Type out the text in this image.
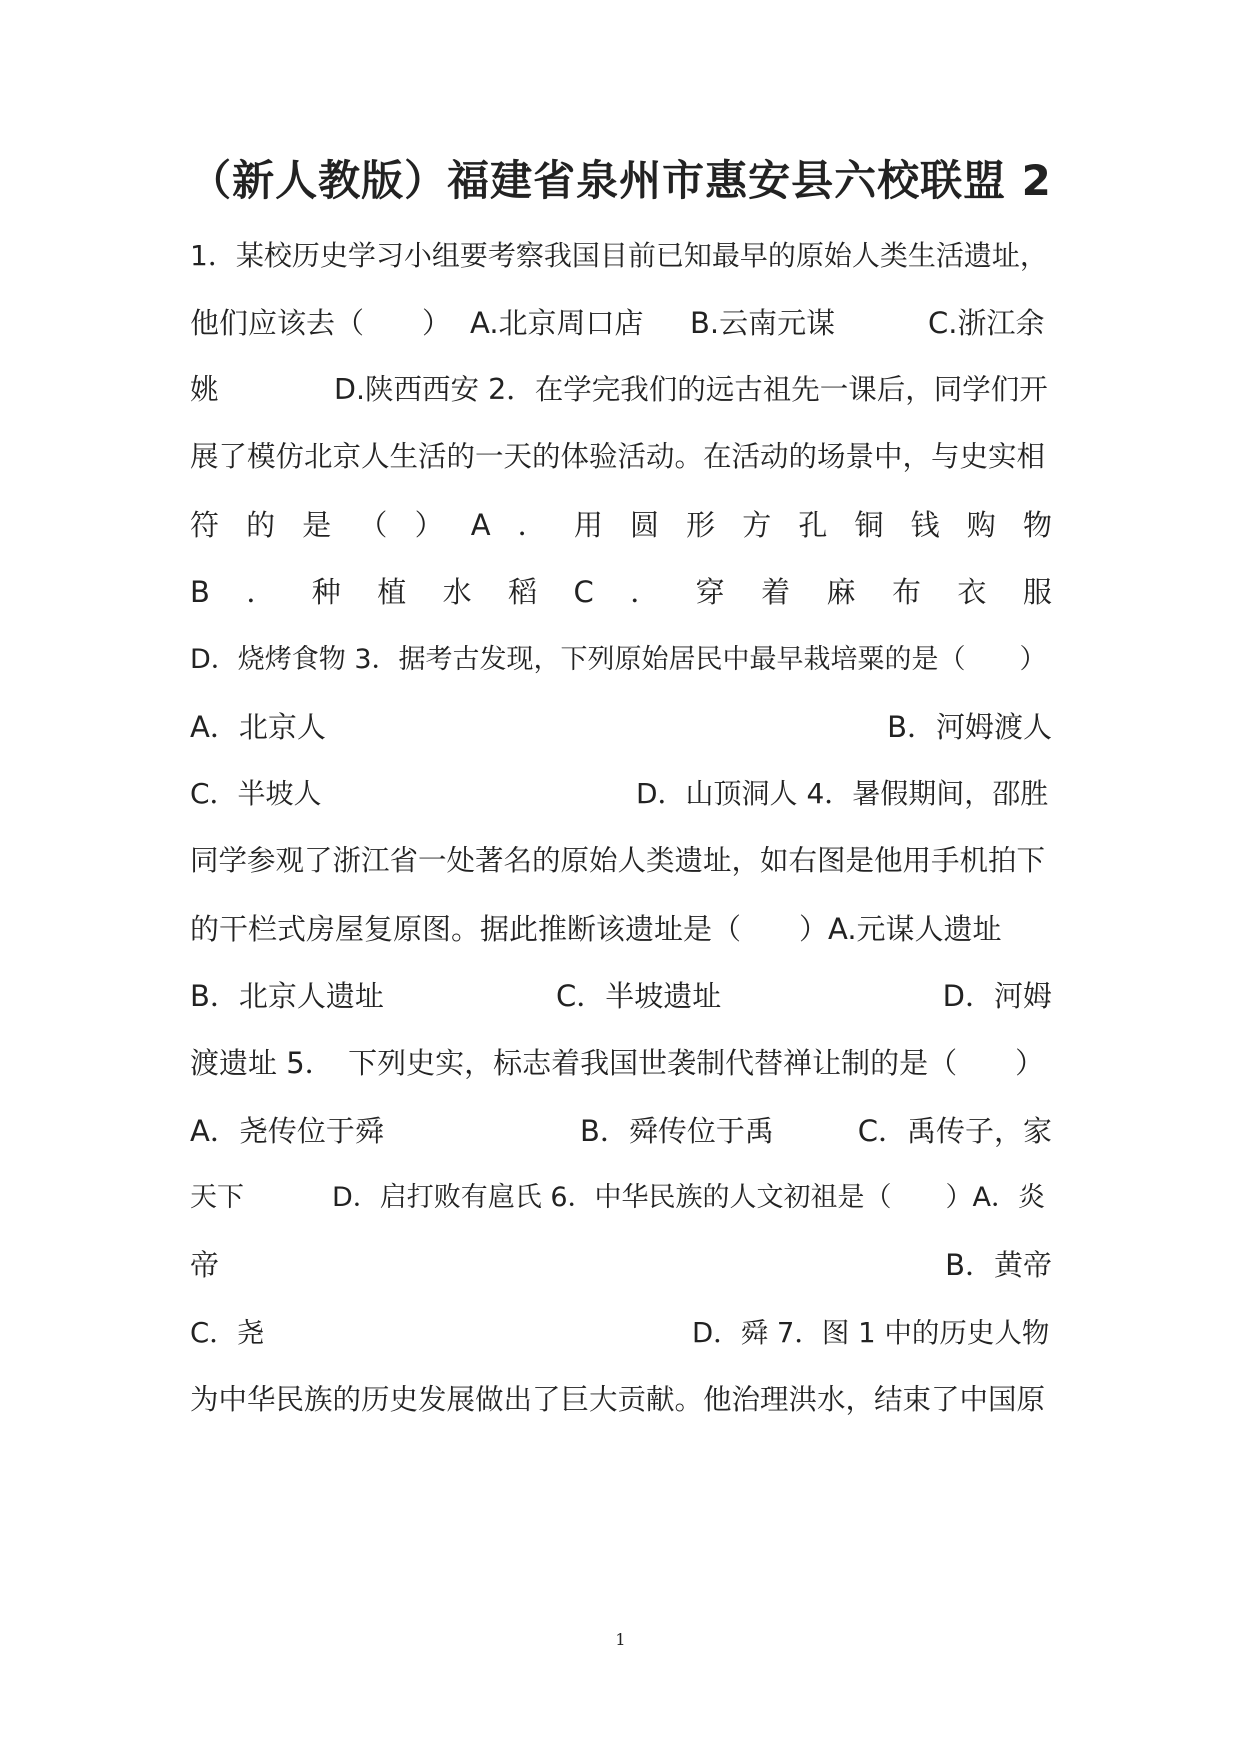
（新人教版）福建省泉州市惠安县六校联盟 2
1．某校历史学习小组要考察我国目前已知最早的原始人类生活遗址，
他们应该去（　　） A.北京周口店 B.云南元谋	C.浙江余
姚	D.陕西西安 2．在学完我们的远古祖先一课后，同学们开
展了模仿北京人生活的一天的体验活动。在活动的场景中，与史实相
符 的 是 （ ） A ． 用 圆 形 方 孔 铜 钱 购 物
B ． 种 植 水 稻 C ． 穿 着 麻 布 衣 服
D．烧烤食物 3．据考古发现，下列原始居民中最早栽培粟的是（　　）
A．北京人	B．河姆渡人
C．半坡人	D．山顶洞人 4．暑假期间，邵胜
同学参观了浙江省一处著名的原始人类遗址，如右图是他用手机拍下
的干栏式房屋复原图。据此推断该遗址是（　　）A.元谋人遗址
B．北京人遗址	C．半坡遗址	D．河姆
渡遗址 5．　下列史实，标志着我国世袭制代替禅让制的是（　　）
A．尧传位于舜	B．舜传位于禹	C．禹传子，家
天下	D．启打败有扈氏 6．中华民族的人文初祖是（　　）A．炎
帝	B．黄帝
C．尧	D．舜 7．图 1 中的历史人物
为中华民族的历史发展做出了巨大贡献。他治理洪水，结束了中国原
1
